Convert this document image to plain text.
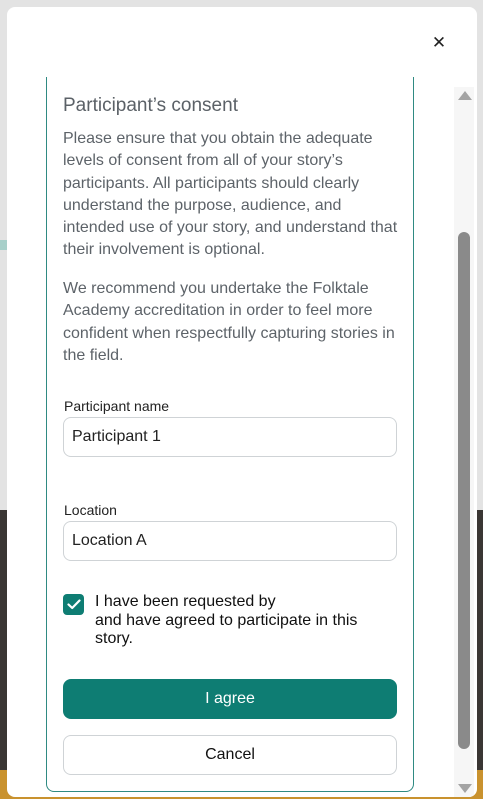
✕
Participant’s consent

Please ensure that you obtain the adequate levels of consent from all of your story’s participants. All participants should clearly understand the purpose, audience, and intended use of your story, and understand that their involvement is optional.

We recommend you undertake the Folktale Academy accreditation in order to feel more confident when respectfully capturing stories in the field.

Participant name
Participant 1
Location
Location A
I have been requested by
and have agreed to participate in this story.
I agree
Cancel
